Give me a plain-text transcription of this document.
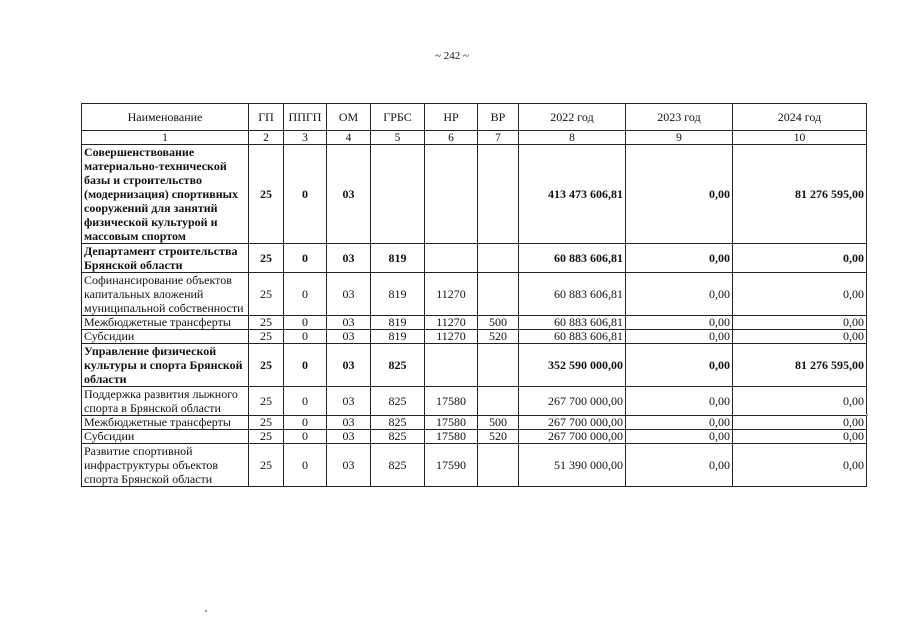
~ 242 ~
Наименование	ГП	ППГП	ОМ	ГРБС	НР	ВР	2022 год	2023 год	2024 год
1	2	3	4	5	6	7	8	9	10
Совершенствование материально-технической базы и строительство (модернизация) спортивных сооружений для занятий физической культурой и массовым спортом	25	0	03				413 473 606,81	0,00	81 276 595,00
Департамент строительства Брянской области	25	0	03	819			60 883 606,81	0,00	0,00
Софинансирование объектов капитальных вложений муниципальной собственности	25	0	03	819	11270		60 883 606,81	0,00	0,00
Межбюджетные трансферты	25	0	03	819	11270	500	60 883 606,81	0,00	0,00
Субсидии	25	0	03	819	11270	520	60 883 606,81	0,00	0,00
Управление физической культуры и спорта Брянской области	25	0	03	825			352 590 000,00	0,00	81 276 595,00
Поддержка развития лыжного спорта в Брянской области	25	0	03	825	17580		267 700 000,00	0,00	0,00
Межбюджетные трансферты	25	0	03	825	17580	500	267 700 000,00	0,00	0,00
Субсидии	25	0	03	825	17580	520	267 700 000,00	0,00	0,00
Развитие спортивной инфраструктуры объектов спорта Брянской области	25	0	03	825	17590		51 390 000,00	0,00	0,00
